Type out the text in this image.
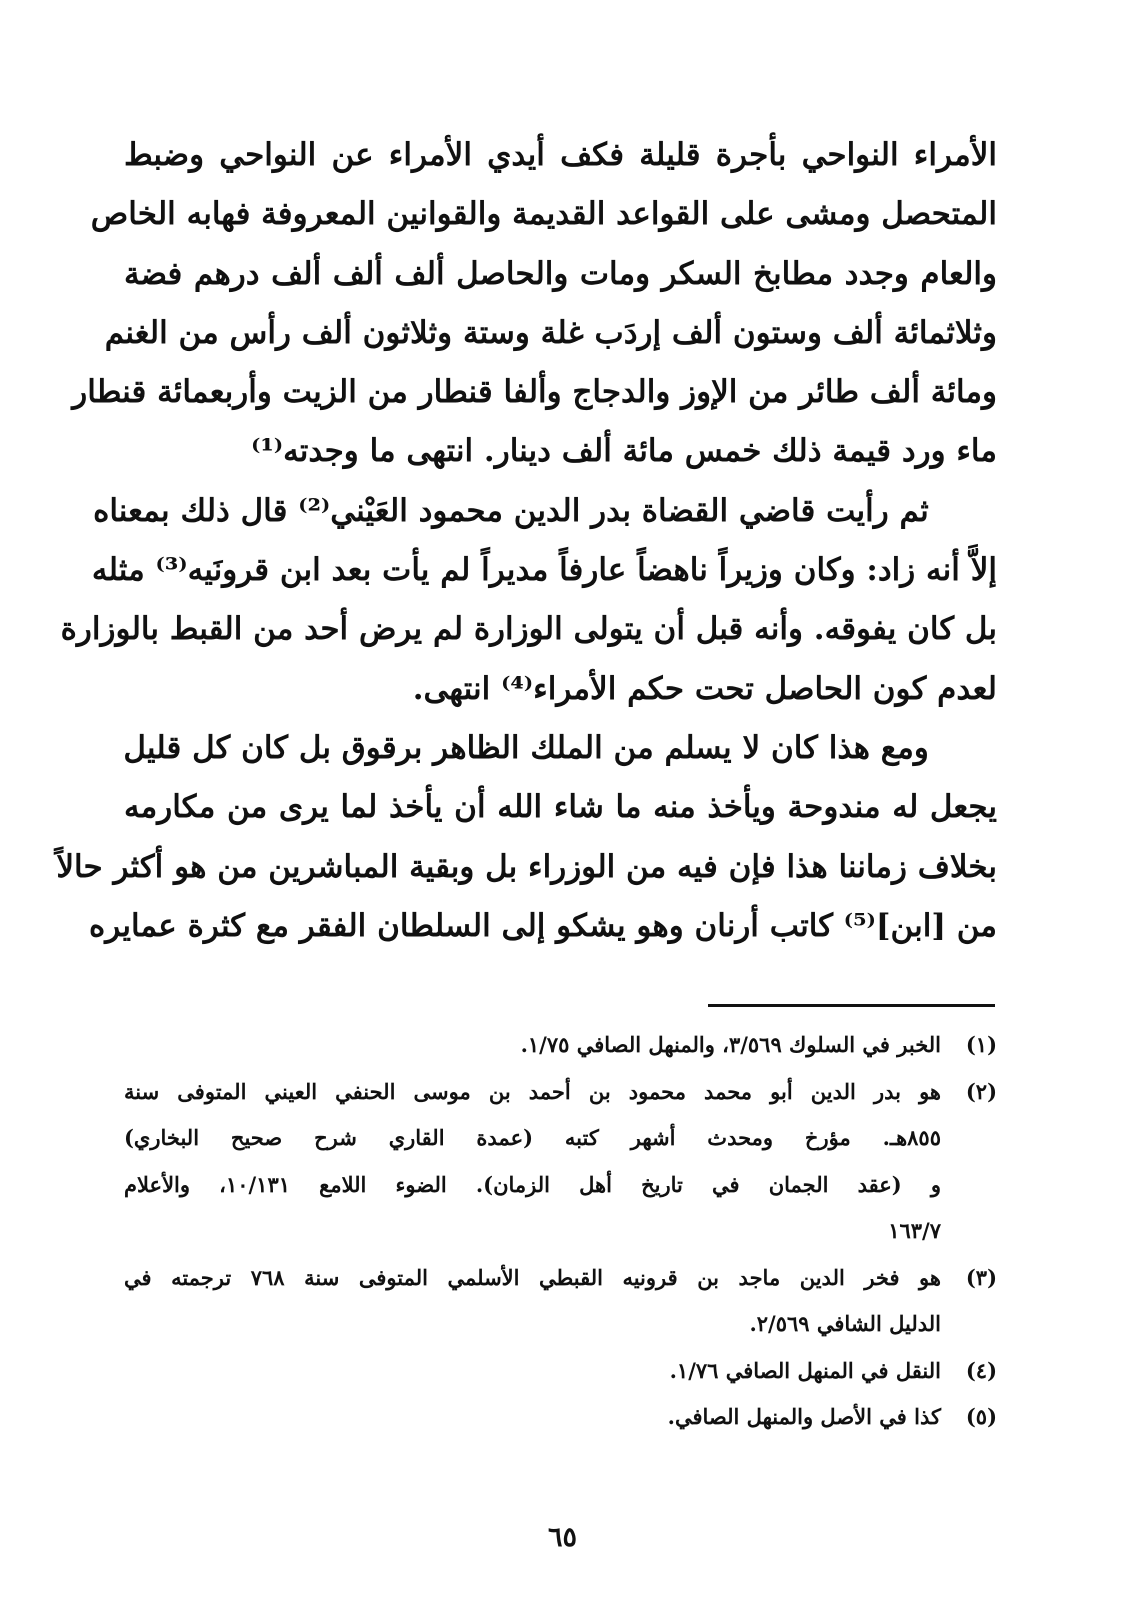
الأمراء النواحي بأجرة قليلة فكف أيدي الأمراء عن النواحي وضبط
المتحصل ومشى على القواعد القديمة والقوانين المعروفة فهابه الخاص
والعام وجدد مطابخ السكر ومات والحاصل ألف ألف ألف درهم فضة
وثلاثمائة ألف وستون ألف إردَب غلة وستة وثلاثون ألف رأس من الغنم
ومائة ألف طائر من الإوز والدجاج وألفا قنطار من الزيت وأربعمائة قنطار
ماء ورد قيمة ذلك خمس مائة ألف دينار. انتهى ما وجدته⁽¹⁾

ثم رأيت قاضي القضاة بدر الدين محمود العَيْني⁽²⁾ قال ذلك بمعناه
إلاَّ أنه زاد: وكان وزيراً ناهضاً عارفاً مديراً لم يأت بعد ابن قرونَيه⁽³⁾ مثله
بل كان يفوقه. وأنه قبل أن يتولى الوزارة لم يرض أحد من القبط بالوزارة
لعدم كون الحاصل تحت حكم الأمراء⁽⁴⁾ انتهى.

ومع هذا كان لا يسلم من الملك الظاهر برقوق بل كان كل قليل
يجعل له مندوحة ويأخذ منه ما شاء الله أن يأخذ لما يرى من مكارمه
بخلاف زماننا هذا فإن فيه من الوزراء بل وبقية المباشرين من هو أكثر حالاً
من [ابن]⁽⁵⁾ كاتب أرنان وهو يشكو إلى السلطان الفقر مع كثرة عمايره

(١)
الخبر في السلوك ٣/٥٦٩، والمنهل الصافي ١/٧٥.
(٢)
هو بدر الدين أبو محمد محمود بن أحمد بن موسى الحنفي العيني المتوفى سنة
٨٥٥هـ. مؤرخ ومحدث أشهر كتبه (عمدة القاري شرح صحيح البخاري)
و (عقد الجمان في تاريخ أهل الزمان). الضوء اللامع ١٠/١٣١، والأعلام
١٦٣/٧
(٣)
هو فخر الدين ماجد بن قرونيه القبطي الأسلمي المتوفى سنة ٧٦٨ ترجمته في
الدليل الشافي ٢/٥٦٩.
(٤)
النقل في المنهل الصافي ١/٧٦.
(٥)
كذا في الأصل والمنهل الصافي.
٦٥
